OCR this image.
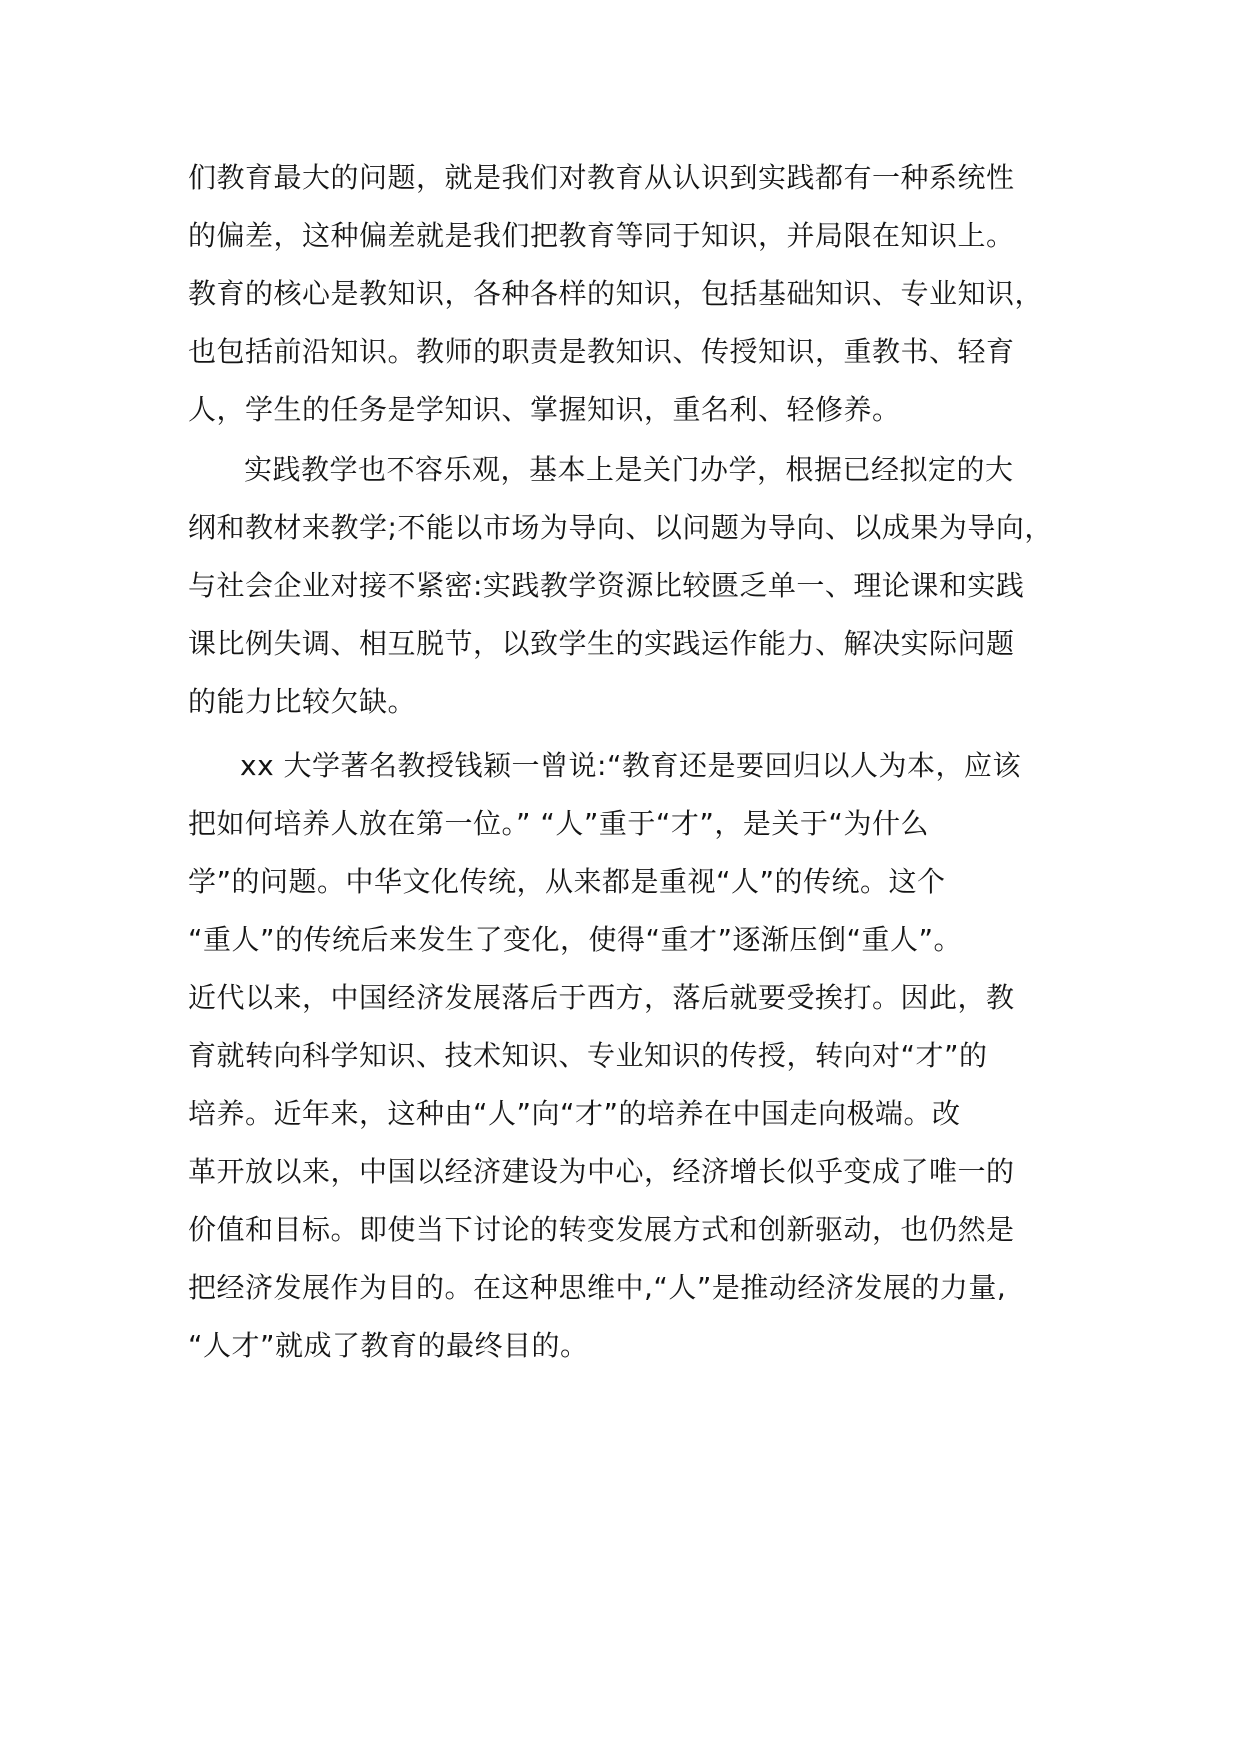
们教育最大的问题，就是我们对教育从认识到实践都有一种系统性
的偏差，这种偏差就是我们把教育等同于知识，并局限在知识上。
教育的核心是教知识，各种各样的知识，包括基础知识、专业知识，
也包括前沿知识。教师的职责是教知识、传授知识，重教书、轻育
人，学生的任务是学知识、掌握知识，重名利、轻修养。
实践教学也不容乐观，基本上是关门办学，根据已经拟定的大
纲和教材来教学;不能以市场为导向、以问题为导向、以成果为导向，
与社会企业对接不紧密:实践教学资源比较匮乏单一、理论课和实践
课比例失调、相互脱节，以致学生的实践运作能力、解决实际问题
的能力比较欠缺。
xx 大学著名教授钱颖一曾说:“教育还是要回归以人为本，应该
把如何培养人放在第一位。” “人”重于“才”，是关于“为什么
学”的问题。中华文化传统，从来都是重视“人”的传统。这个
“重人”的传统后来发生了变化，使得“重才”逐渐压倒“重人”。
近代以来，中国经济发展落后于西方，落后就要受挨打。因此，教
育就转向科学知识、技术知识、专业知识的传授，转向对“才”的
培养。近年来，这种由“人”向“才”的培养在中国走向极端。改
革开放以来，中国以经济建设为中心，经济增长似乎变成了唯一的
价值和目标。即使当下讨论的转变发展方式和创新驱动，也仍然是
把经济发展作为目的。在这种思维中,“人”是推动经济发展的力量,
“人才”就成了教育的最终目的。
